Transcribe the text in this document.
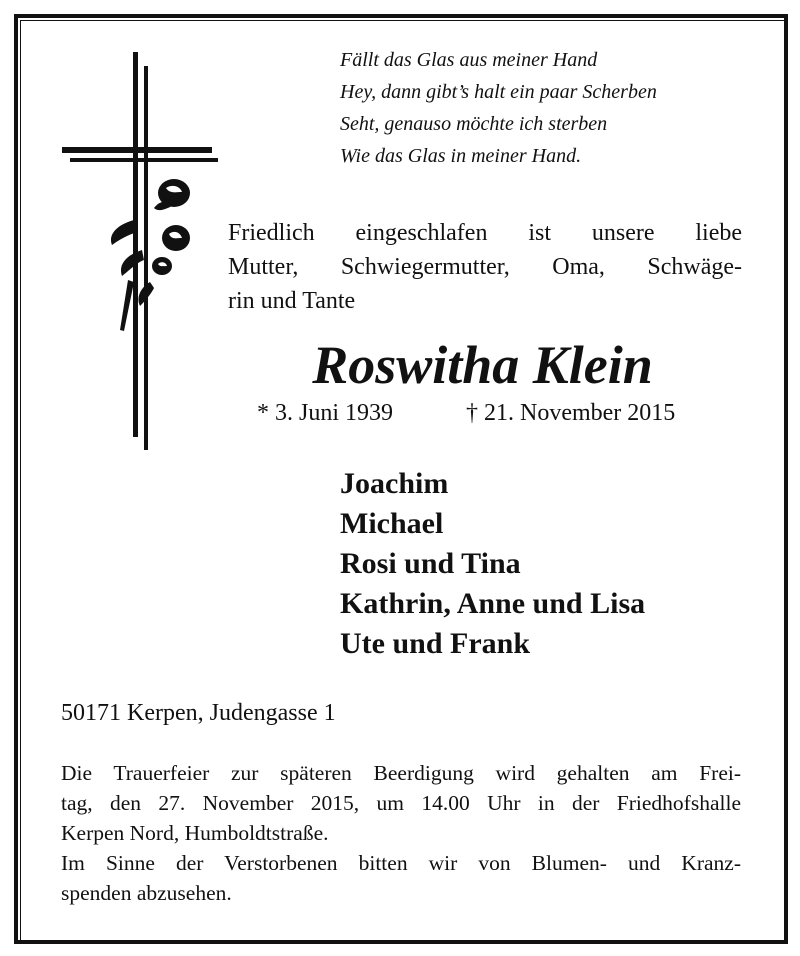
Fällt das Glas aus meiner Hand
Hey, dann gibt’s halt ein paar Scherben
Seht, genauso möchte ich sterben
Wie das Glas in meiner Hand.
Friedlich eingeschlafen ist unsere liebe
Mutter, Schwiegermutter, Oma, Schwäge-
rin und Tante
Roswitha Klein
* 3. Juni 1939	† 21. November 2015
Joachim
Michael
Rosi und Tina
Kathrin, Anne und Lisa
Ute und Frank
50171 Kerpen, Judengasse 1
Die Trauerfeier zur späteren Beerdigung wird gehalten am Frei-
tag, den 27. November 2015, um 14.00 Uhr in der Friedhofshalle
Kerpen Nord, Humboldtstraße.
Im Sinne der Verstorbenen bitten wir von Blumen- und Kranz-
spenden abzusehen.
